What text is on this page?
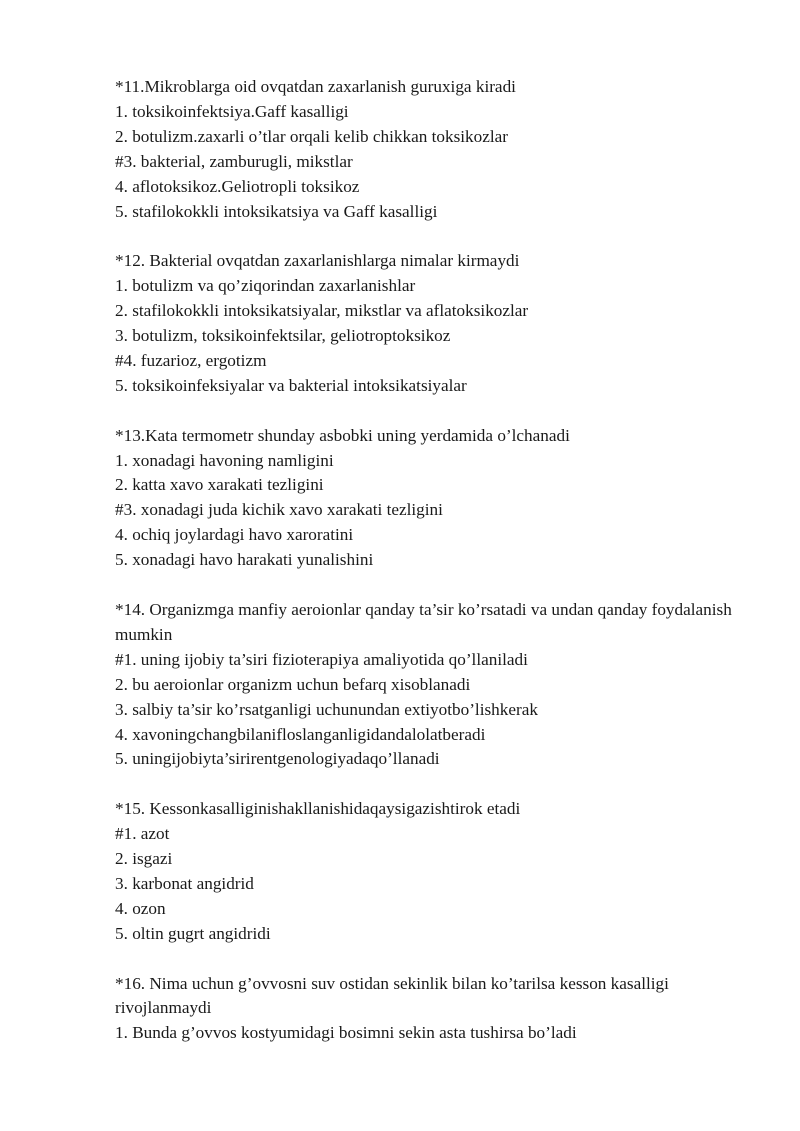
*11.Mikroblarga oid ovqatdan zaxarlanish guruxiga kiradi

1. toksikoinfektsiya.Gaff kasalligi

2. botulizm.zaxarli o’tlar orqali kelib chikkan toksikozlar

#3. bakterial, zamburugli, mikstlar

4. aflotoksikoz.Geliotropli toksikoz

5. stafilokokkli intoksikatsiya va Gaff kasalligi

*12. Bakterial ovqatdan zaxarlanishlarga nimalar kirmaydi

1. botulizm va qo’ziqorindan zaxarlanishlar

2. stafilokokkli intoksikatsiyalar, mikstlar va aflatoksikozlar

3. botulizm, toksikoinfektsilar, geliotroptoksikoz

#4. fuzarioz, ergotizm

5. toksikoinfeksiyalar va bakterial intoksikatsiyalar

*13.Kata termometr shunday asbobki uning yerdamida o’lchanadi

1. xonadagi havoning namligini

2. katta xavo xarakati tezligini

#3. xonadagi juda kichik xavo xarakati tezligini

4. ochiq joylardagi havo xaroratini

5. xonadagi havo harakati yunalishini

*14. Organizmga manfiy aeroionlar qanday ta’sir ko’rsatadi va undan qanday foydalanish mumkin

#1. uning ijobiy ta’siri fizioterapiya amaliyotida qo’llaniladi

2. bu aeroionlar organizm uchun befarq xisoblanadi

3. salbiy ta’sir ko’rsatganligi uchunundan extiyotbo’lishkerak

4. xavoningchangbilanifloslanganligidandalolatberadi

5. uningijobiyta’sirirentgenologiyadaqo’llanadi

*15. Kessonkasalliginishakllanishidaqaysigazishtirok etadi

#1. azot

2. isgazi

3. karbonat angidrid

4. ozon

5. oltin gugrt angidridi

*16. Nima uchun g’ovvosni suv ostidan sekinlik bilan ko’tarilsa kesson kasalligi rivojlanmaydi

1. Bunda g’ovvos kostyumidagi bosimni sekin asta tushirsa bo’ladi
